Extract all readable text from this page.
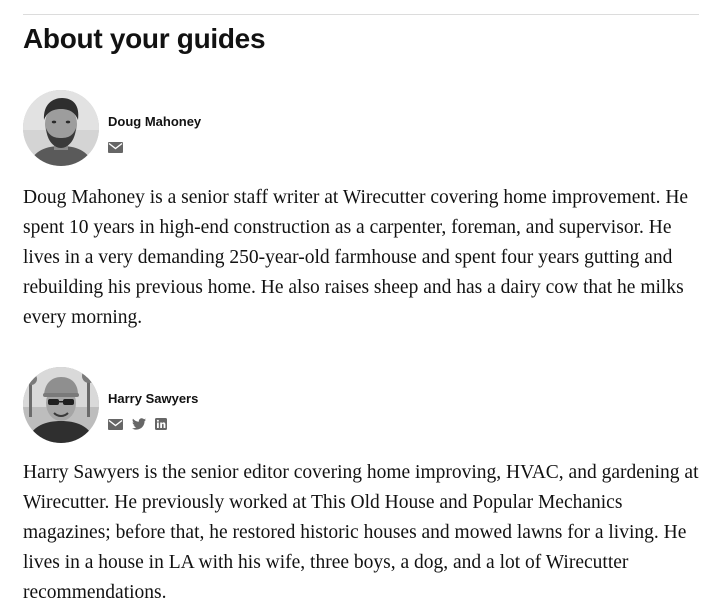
About your guides
Doug Mahoney

Doug Mahoney is a senior staff writer at Wirecutter covering home improvement. He spent 10 years in high-end construction as a carpenter, foreman, and supervisor. He lives in a very demanding 250-year-old farmhouse and spent four years gutting and rebuilding his previous home. He also raises sheep and has a dairy cow that he milks every morning.

Harry Sawyers

Harry Sawyers is the senior editor covering home improving, HVAC, and gardening at Wirecutter. He previously worked at This Old House and Popular Mechanics magazines; before that, he restored historic houses and mowed lawns for a living. He lives in a house in LA with his wife, three boys, a dog, and a lot of Wirecutter recommendations.
